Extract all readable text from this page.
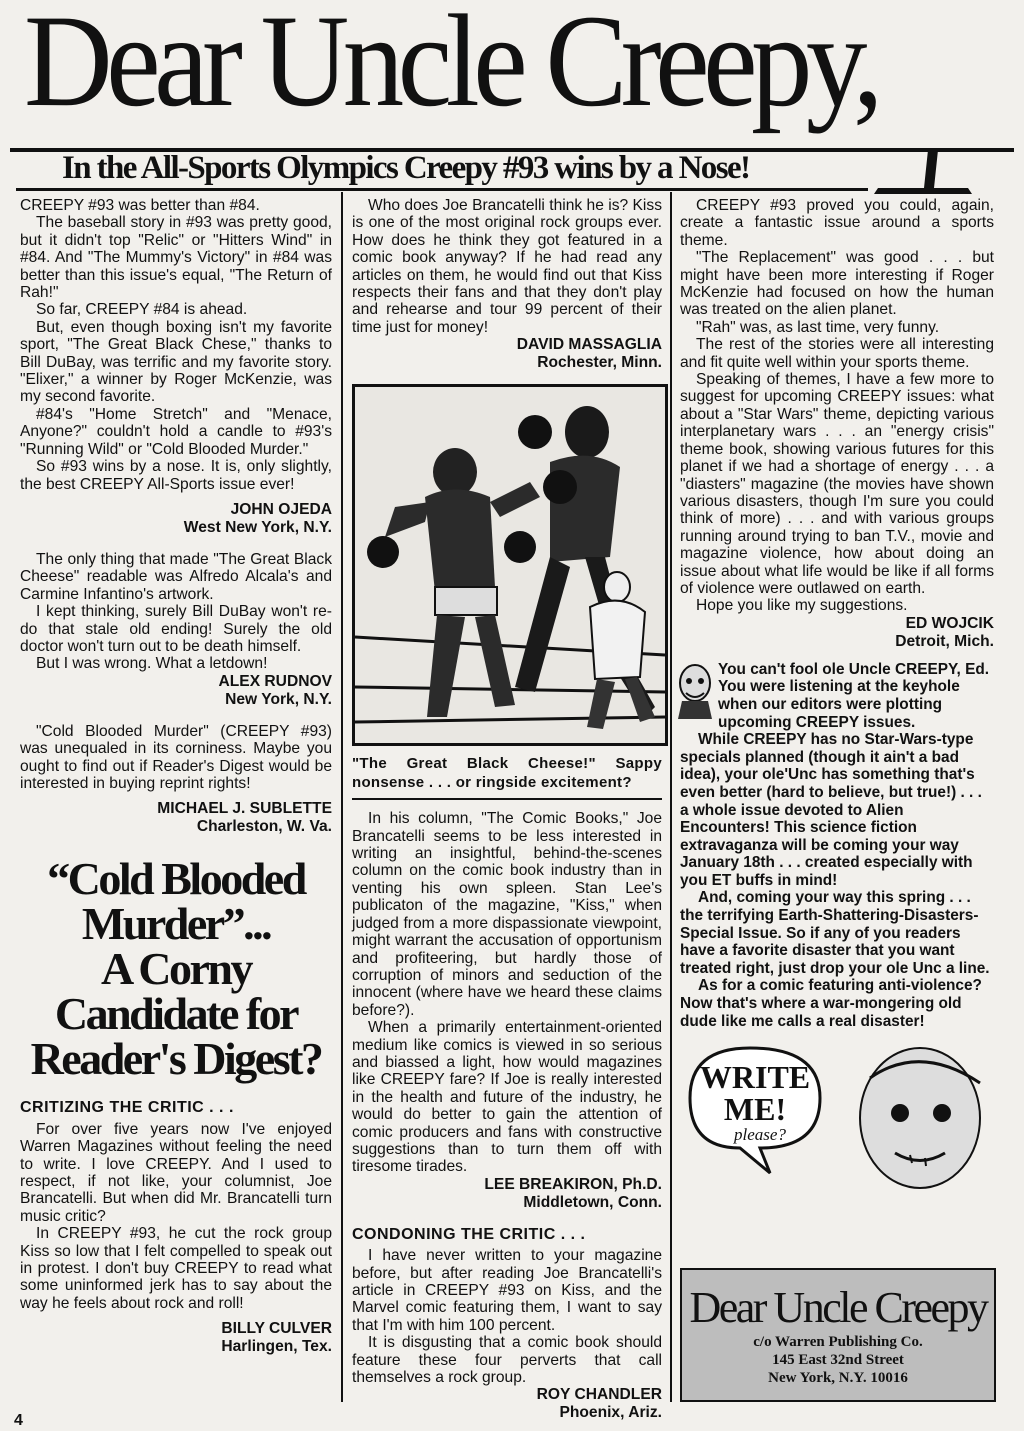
Dear Uncle Creepy,
In the All-Sports Olympics Creepy #93 wins by a Nose!

CREEPY #93 was better than #84.

The baseball story in #93 was pretty good, but it didn't top "Relic" or "Hitters Wind" in #84. And "The Mummy's Victory" in #84 was better than this issue's equal, "The Return of Rah!"

So far, CREEPY #84 is ahead.

But, even though boxing isn't my favorite sport, "The Great Black Chese," thanks to Bill DuBay, was terrific and my favorite story. "Elixer," a winner by Roger McKenzie, was my second favorite.

#84's "Home Stretch" and "Menace, Anyone?" couldn't hold a candle to #93's "Running Wild" or "Cold Blooded Murder."

So #93 wins by a nose. It is, only slightly, the best CREEPY All-Sports issue ever!

JOHN OJEDA
West New York, N.Y.

The only thing that made "The Great Black Cheese" readable was Alfredo Alcala's and Carmine Infantino's artwork.

I kept thinking, surely Bill DuBay won't re-do that stale old ending! Surely the old doctor won't turn out to be death himself.

But I was wrong. What a letdown!

ALEX RUDNOV
New York, N.Y.

"Cold Blooded Murder" (CREEPY #93) was unequaled in its corniness. Maybe you ought to find out if Reader's Digest would be interested in buying reprint rights!

MICHAEL J. SUBLETTE
Charleston, W. Va.
“Cold Blooded
Murder”...
A Corny
Candidate for
Reader's Digest?
CRITIZING THE CRITIC . . .

For over five years now I've enjoyed Warren Magazines without feeling the need to write. I love CREEPY. And I used to respect, if not like, your columnist, Joe Brancatelli. But when did Mr. Brancatelli turn music critic?

In CREEPY #93, he cut the rock group Kiss so low that I felt compelled to speak out in protest. I don't buy CREEPY to read what some uninformed jerk has to say about the way he feels about rock and roll!

BILLY CULVER
Harlingen, Tex.

Who does Joe Brancatelli think he is? Kiss is one of the most original rock groups ever. How does he think they got featured in a comic book anyway? If he had read any articles on them, he would find out that Kiss respects their fans and that they don't play and rehearse and tour 99 percent of their time just for money!

DAVID MASSAGLIA
Rochester, Minn.
"The Great Black Cheese!" Sappy nonsense . . . or ringside excitement?

In his column, "The Comic Books," Joe Brancatelli seems to be less interested in writing an insightful, behind-the-scenes column on the comic book industry than in venting his own spleen. Stan Lee's publicaton of the magazine, "Kiss," when judged from a more dispassionate viewpoint, might warrant the accusation of opportunism and profiteering, but hardly those of corruption of minors and seduction of the innocent (where have we heard these claims before?).

When a primarily entertainment-oriented medium like comics is viewed in so serious and biassed a light, how would magazines like CREEPY fare? If Joe is really interested in the health and future of the industry, he would do better to gain the attention of comic producers and fans with constructive suggestions than to turn them off with tiresome tirades.

LEE BREAKIRON, Ph.D.
Middletown, Conn.
CONDONING THE CRITIC . . .

I have never written to your magazine before, but after reading Joe Brancatelli's article in CREEPY #93 on Kiss, and the Marvel comic featuring them, I want to say that I'm with him 100 percent.

It is disgusting that a comic book should feature these four perverts that call themselves a rock group.

ROY CHANDLER
Phoenix, Ariz.

CREEPY #93 proved you could, again, create a fantastic issue around a sports theme.

"The Replacement" was good . . . but might have been more interesting if Roger McKenzie had focused on how the human was treated on the alien planet.

"Rah" was, as last time, very funny.

The rest of the stories were all interesting and fit quite well within your sports theme.

Speaking of themes, I have a few more to suggest for upcoming CREEPY issues: what about a "Star Wars" theme, depicting various interplanetary wars . . . an "energy crisis" theme book, showing various futures for this planet if we had a shortage of energy . . . a "diasters" magazine (the movies have shown various disasters, though I'm sure you could think of more) . . . and with various groups running around trying to ban T.V., movie and magazine violence, how about doing an issue about what life would be like if all forms of violence were outlawed on earth.

Hope you like my suggestions.

ED WOJCIK
Detroit, Mich.

You can't fool ole Uncle CREEPY, Ed. You were listening at the keyhole when our editors were plotting upcoming CREEPY issues.

While CREEPY has no Star-Wars-type specials planned (though it ain't a bad idea), your ole'Unc has something that's even better (hard to believe, but true!) . . . a whole issue devoted to Alien Encounters! This science fiction extravaganza will be coming your way January 18th . . . created especially with you ET buffs in mind!

And, coming your way this spring . . . the terrifying Earth-Shattering-Disasters-Special Issue. So if any of you readers have a favorite disaster that you want treated right, just drop your ole Unc a line.

As for a comic featuring anti-violence? Now that's where a war-mongering old dude like me calls a real disaster!

WRITE
ME!
please?
Dear Uncle Creepy
c/o Warren Publishing Co.
145 East 32nd Street
New York, N.Y. 10016
4
